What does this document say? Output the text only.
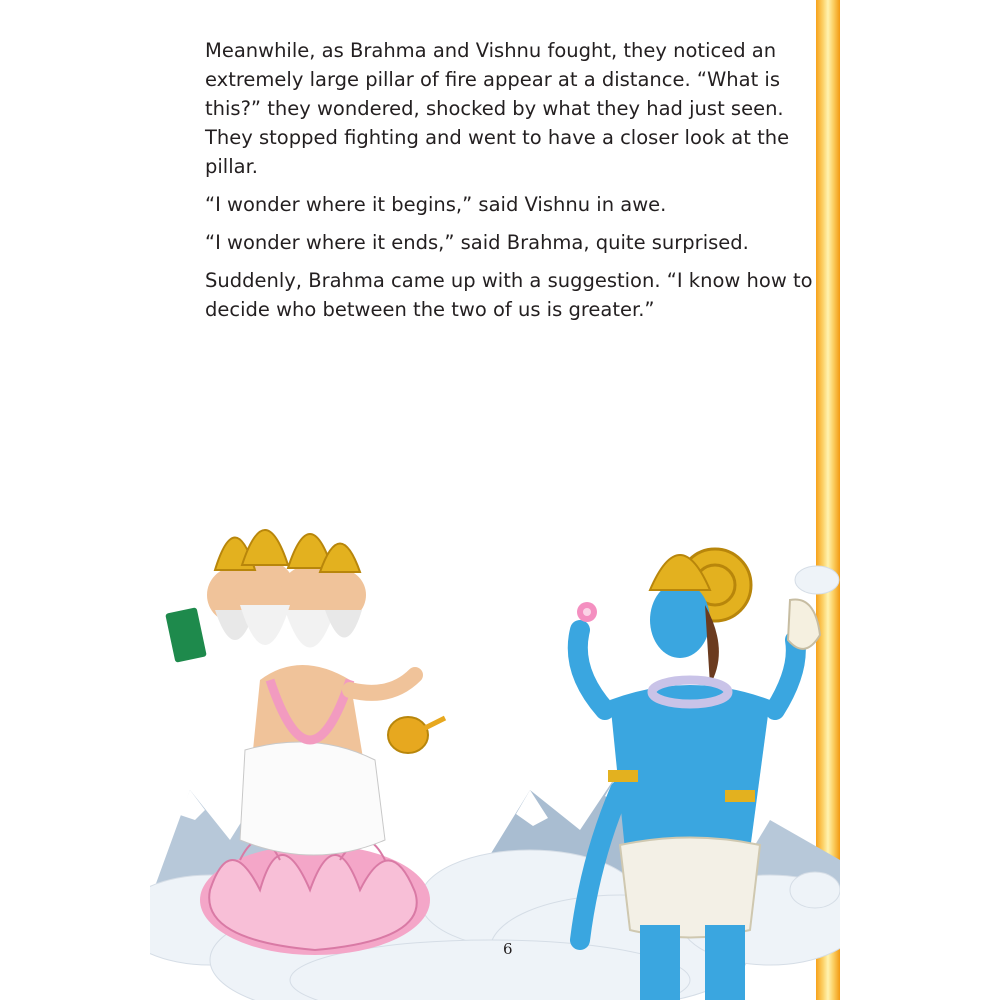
Meanwhile, as Brahma and Vishnu fought, they noticed an extremely large pillar of fire appear at a distance. “What is this?” they wondered, shocked by what they had just seen. They stopped fighting and went to have a closer look at the pillar.

“I wonder where it begins,” said Vishnu in awe.

“I wonder where it ends,” said Brahma, quite surprised.

Suddenly, Brahma came up with a suggestion. “I know how to decide who between the two of us is greater.”

6
